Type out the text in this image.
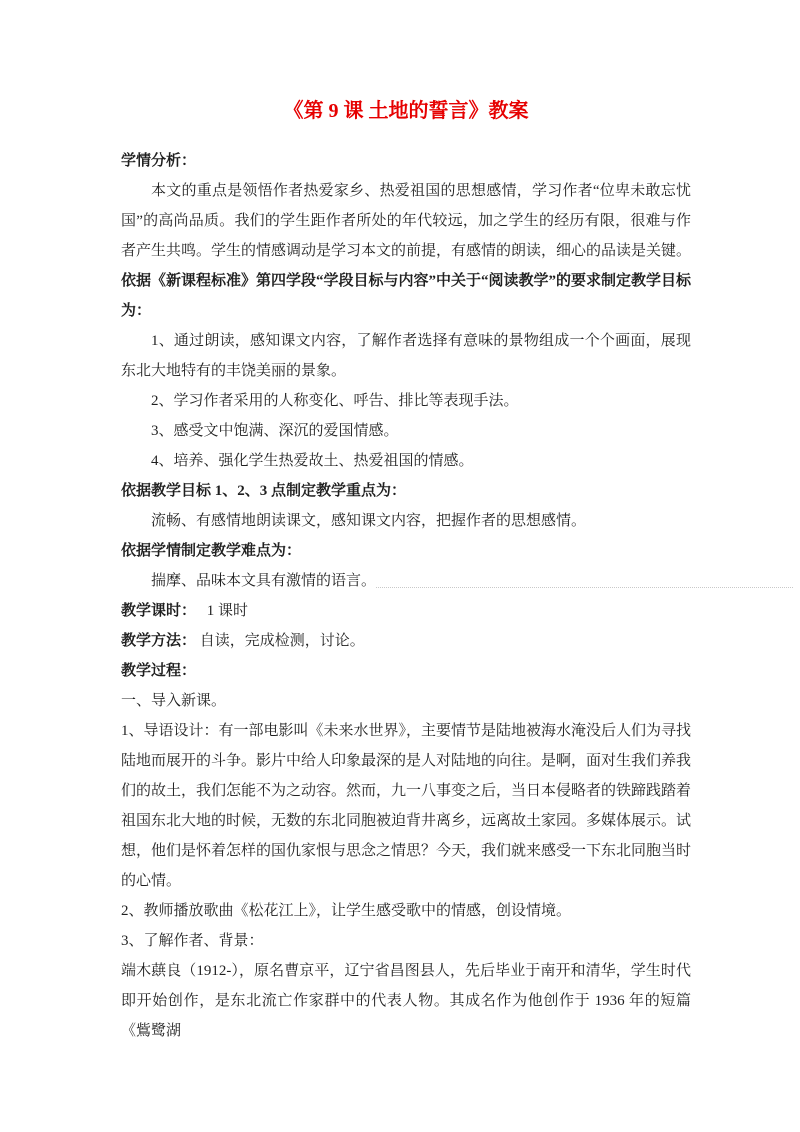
《第 9 课 土地的誓言》教案

学情分析：

本文的重点是领悟作者热爱家乡、热爱祖国的思想感情，学习作者“位卑未敢忘忧国”的高尚品质。我们的学生距作者所处的年代较远，加之学生的经历有限，很难与作者产生共鸣。学生的情感调动是学习本文的前提，有感情的朗读，细心的品读是关键。

依据《新课程标准》第四学段“学段目标与内容”中关于“阅读教学”的要求制定教学目标为：

1、通过朗读，感知课文内容，了解作者选择有意味的景物组成一个个画面，展现东北大地特有的丰饶美丽的景象。

2、学习作者采用的人称变化、呼告、排比等表现手法。

3、感受文中饱满、深沉的爱国情感。

4、培养、强化学生热爱故土、热爱祖国的情感。

依据教学目标 1、2、3 点制定教学重点为：

流畅、有感情地朗读课文，感知课文内容，把握作者的思想感情。

依据学情制定教学难点为：

揣摩、品味本文具有激情的语言。

教学课时： 1 课时

教学方法： 自读，完成检测，讨论。

教学过程：

一、导入新课。

1、导语设计：有一部电影叫《未来水世界》，主要情节是陆地被海水淹没后人们为寻找陆地而展开的斗争。影片中给人印象最深的是人对陆地的向往。是啊，面对生我们养我们的故土，我们怎能不为之动容。然而，九一八事变之后，当日本侵略者的铁蹄践踏着祖国东北大地的时候，无数的东北同胞被迫背井离乡，远离故土家园。多媒体展示。试想，他们是怀着怎样的国仇家恨与思念之情思？今天，我们就来感受一下东北同胞当时的心情。

2、教师播放歌曲《松花江上》，让学生感受歌中的情感，创设情境。

3、了解作者、背景：

端木蕻良（1912-），原名曹京平，辽宁省昌图县人，先后毕业于南开和清华，学生时代即开始创作，是东北流亡作家群中的代表人物。其成名作为他创作于 1936 年的短篇《鴜鹭湖
